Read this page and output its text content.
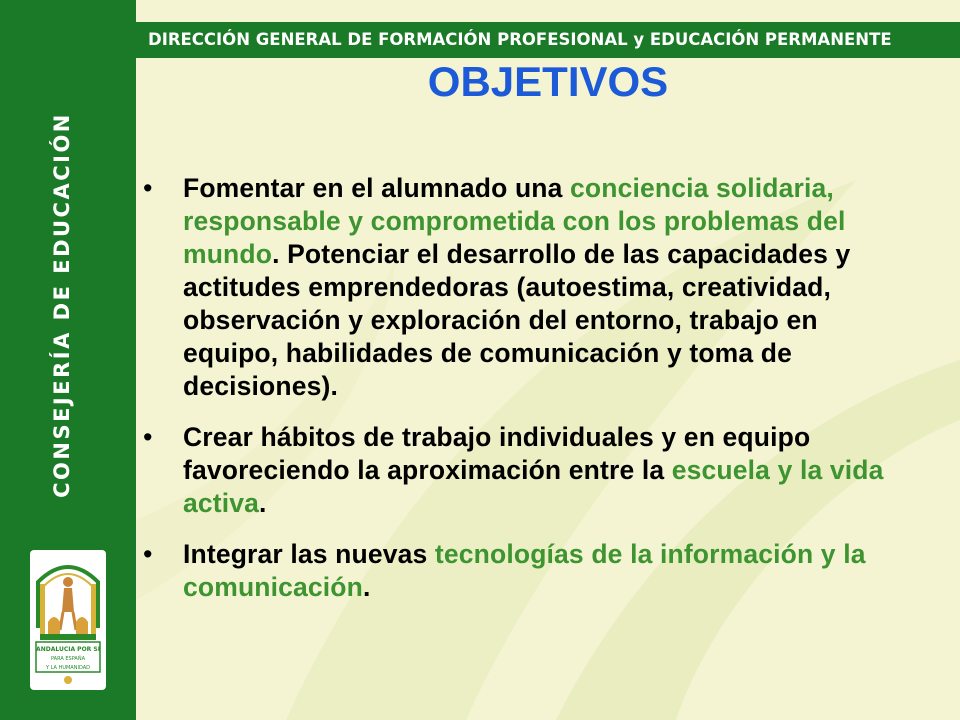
CONSEJERÍA DE EDUCACIÓN
ANDALUCIA POR SI
PARA ESPAÑA
Y LA HUMANIDAD
DIRECCIÓN GENERAL DE FORMACIÓN PROFESIONAL y EDUCACIÓN PERMANENTE
OBJETIVOS
• Fomentar en el alumnado una conciencia solidaria, responsable y comprometida con los problemas del mundo. Potenciar el desarrollo de las capacidades y actitudes emprendedoras (autoestima, creatividad, observación y exploración del entorno, trabajo en equipo, habilidades de comunicación y toma de decisiones).
• Crear hábitos de trabajo individuales y en equipo favoreciendo la aproximación entre la escuela y la vida activa.
• Integrar las nuevas tecnologías de la información y la comunicación.
